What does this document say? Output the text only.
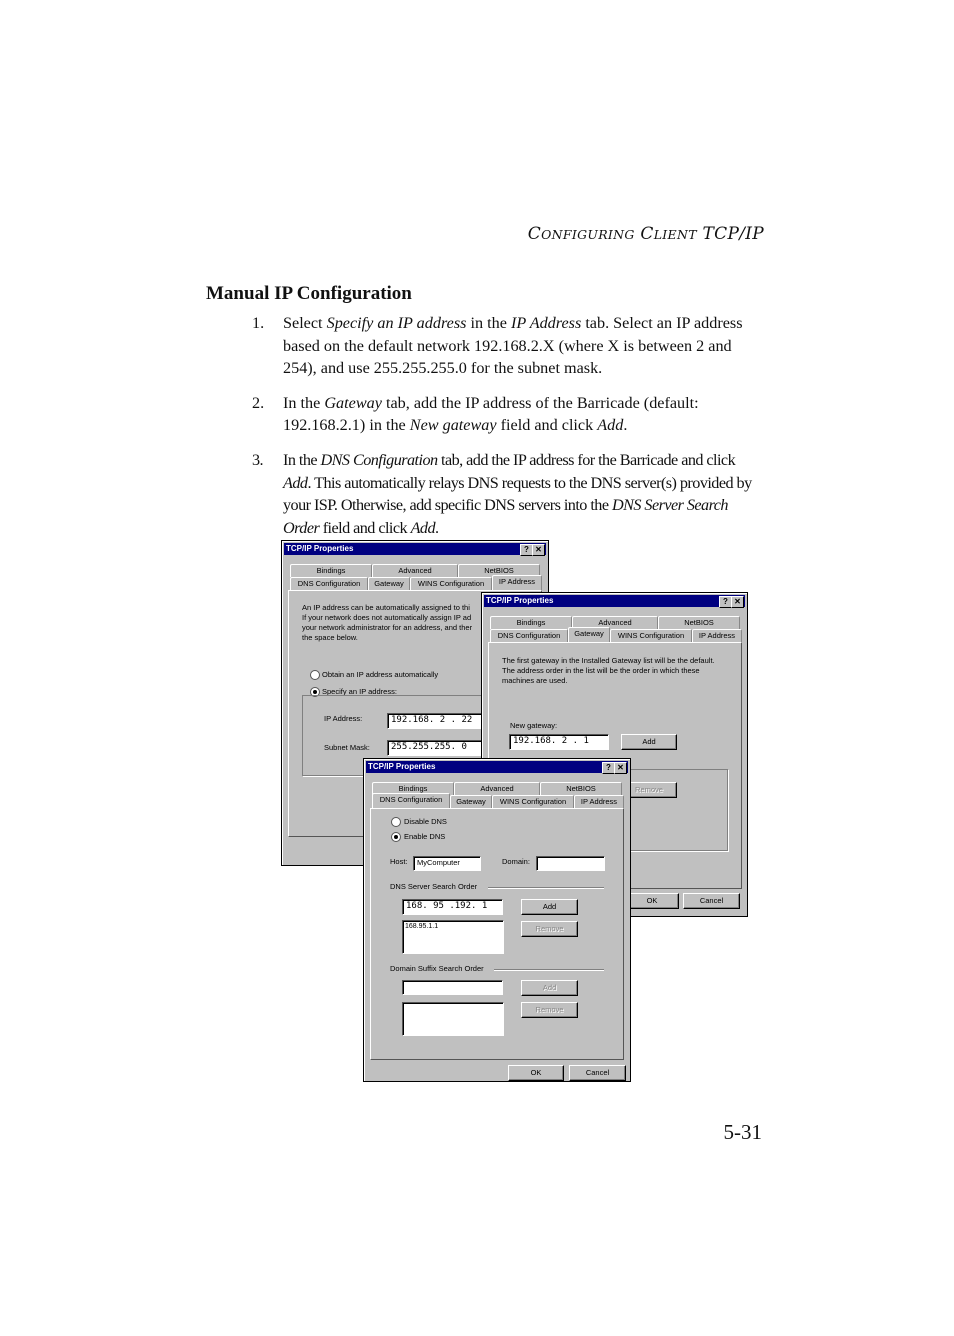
CONFIGURING CLIENT TCP/IP
Manual IP Configuration
1. Select Specify an IP address in the IP Address tab. Select an IP address based on the default network 192.168.2.X (where X is between 2 and 254), and use 255.255.255.0 for the subnet mask.
2. In the Gateway tab, add the IP address of the Barricade (default: 192.168.2.1) in the New gateway field and click Add.
3. In the DNS Configuration tab, add the IP address for the Barricade and click Add. This automatically relays DNS requests to the DNS server(s) provided by your ISP. Otherwise, add specific DNS servers into the DNS Server Search Order field and click Add.
TCP/IP Properties	? ✕
Bindings	Advanced	NetBIOS
DNS Configuration	Gateway	WINS Configuration	IP Address
An IP address can be automatically assigned to thi
If your network does not automatically assign IP ad
your network administrator for an address, and ther
the space below.
Obtain an IP address automatically
Specify an IP address:
IP Address:	192.168. 2 . 22
Subnet Mask:	255.255.255. 0
TCP/IP Properties	? ✕
Bindings	Advanced	NetBIOS
DNS Configuration	Gateway	WINS Configuration	IP Address
The first gateway in the Installed Gateway list will be the default.
The address order in the list will be the order in which these
machines are used.
New gateway:
192.168. 2 . 1	Add
Remove
OK	Cancel
TCP/IP Properties	? ✕
Bindings	Advanced	NetBIOS
DNS Configuration	Gateway	WINS Configuration	IP Address
Disable DNS
Enable DNS
Host:	MyComputer	Domain:
DNS Server Search Order
168. 95 .192. 1	Add
168.95.1.1	Remove
Domain Suffix Search Order
Add
Remove
OK	Cancel
5-31
